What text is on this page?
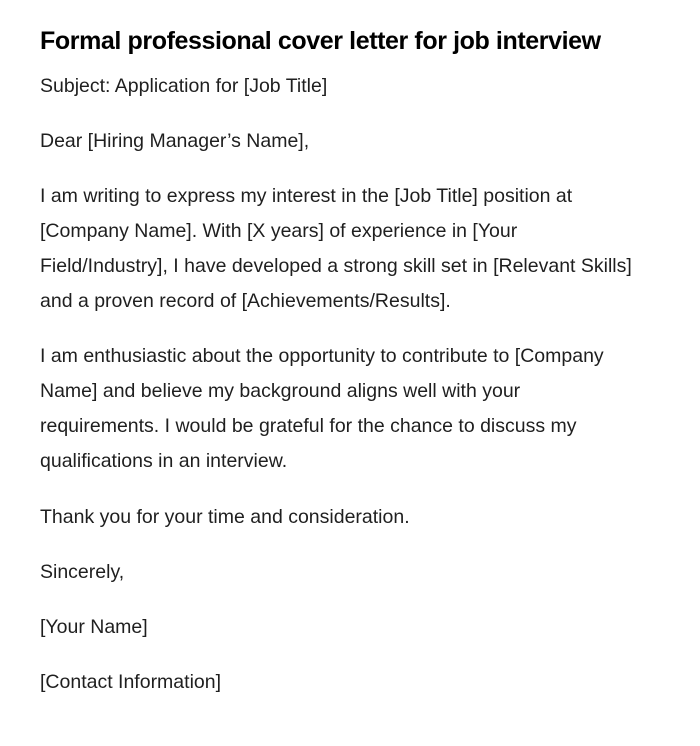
Formal professional cover letter for job interview

Subject: Application for [Job Title]

Dear [Hiring Manager’s Name],

I am writing to express my interest in the [Job Title] position at [Company Name]. With [X years] of experience in [Your Field/Industry], I have developed a strong skill set in [Relevant Skills] and a proven record of [Achievements/Results].

I am enthusiastic about the opportunity to contribute to [Company Name] and believe my background aligns well with your requirements. I would be grateful for the chance to discuss my qualifications in an interview.

Thank you for your time and consideration.

Sincerely,

[Your Name]

[Contact Information]
